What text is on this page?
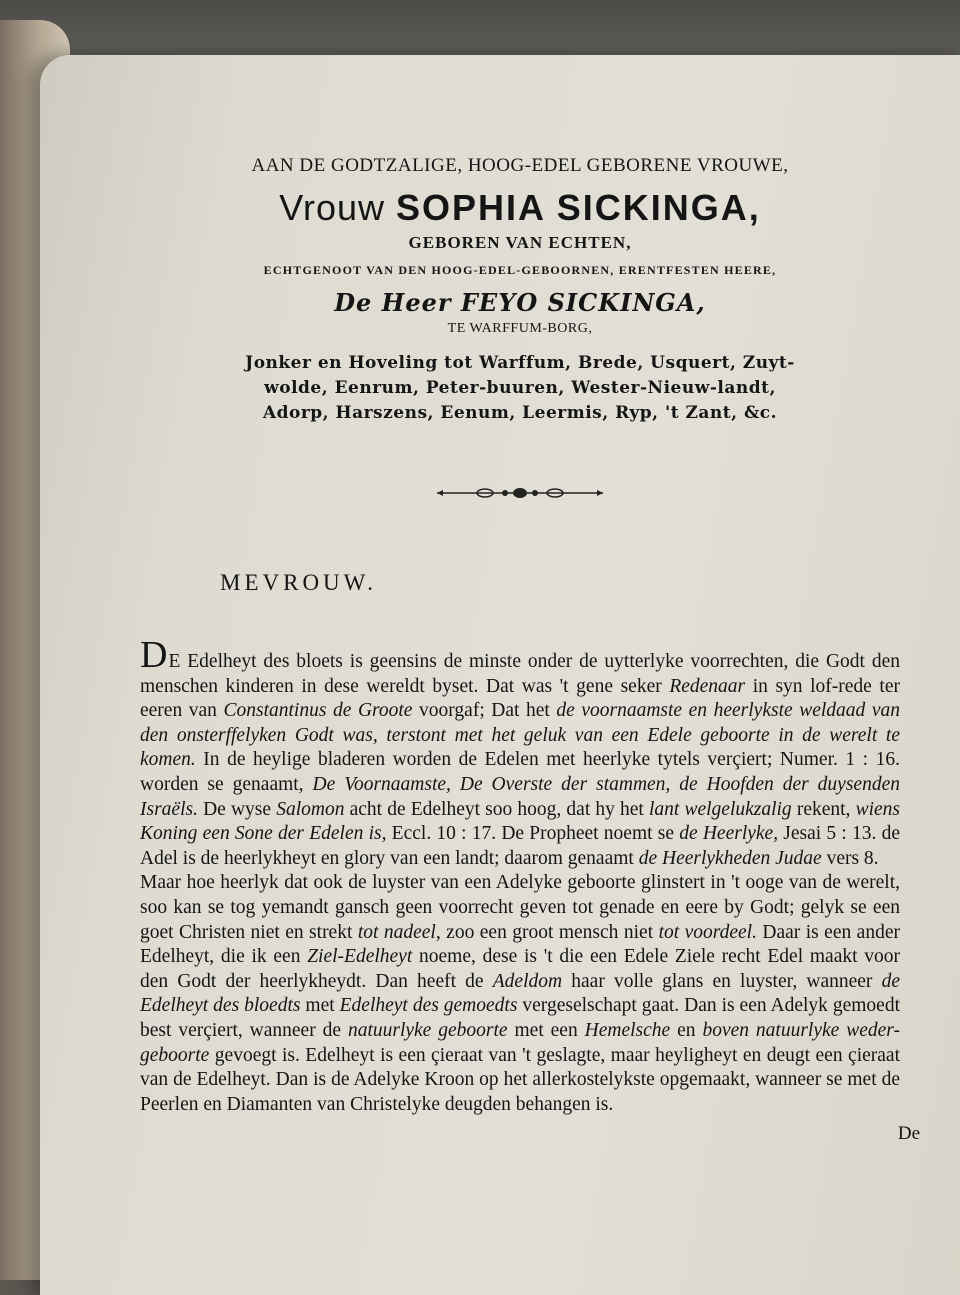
AAN DE GODTZALIGE, HOOG-EDEL GEBORENE VROUWE,

Vrouw SOPHIA SICKINGA,
GEBOREN VAN ECHTEN,
ECHTGENOOT VAN DEN HOOG-EDEL-GEBOORNEN, ERENTFESTEN HEERE,
De Heer FEYO SICKINGA,
TE WARFFUM-BORG,
Jonker en Hoveling tot Warffum, Brede, Usquert, Zuyt-
wolde, Eenrum, Peter-buuren, Wester-Nieuw-landt,
Adorp, Harszens, Eenum, Leermis, Ryp, 't Zant, &c.
MEVROUW.

DE Edelheyt des bloets is geensins de minste onder de uytterlyke voorrechten, die Godt den menschen kinderen in dese wereldt byset. Dat was 't gene seker Redenaar in syn lof-rede ter eeren van Constantinus de Groote voorgaf; Dat het de voornaamste en heerlykste weldaad van den onsterffelyken Godt was, terstont met het geluk van een Edele geboorte in de werelt te komen. In de heylige bladeren worden de Edelen met heerlyke tytels verçiert; Numer. 1 : 16. worden se genaamt, De Voornaamste, De Overste der stammen, de Hoofden der duysenden Israëls. De wyse Salomon acht de Edelheyt soo hoog, dat hy het lant welgelukzalig rekent, wiens Koning een Sone der Edelen is, Eccl. 10 : 17. De Propheet noemt se de Heerlyke, Jesai 5 : 13. de Adel is de heerlykheyt en glory van een landt; daarom genaamt de Heerlykheden Judae vers 8.

Maar hoe heerlyk dat ook de luyster van een Adelyke geboorte glinstert in 't ooge van de werelt, soo kan se tog yemandt gansch geen voorrecht geven tot genade en eere by Godt; gelyk se een goet Christen niet en strekt tot nadeel, zoo een groot mensch niet tot voordeel. Daar is een ander Edelheyt, die ik een Ziel-Edelheyt noeme, dese is 't die een Edele Ziele recht Edel maakt voor den Godt der heerlykheydt. Dan heeft de Adeldom haar volle glans en luyster, wanneer de Edelheyt des bloedts met Edelheyt des gemoedts vergeselschapt gaat. Dan is een Adelyk gemoedt best verçiert, wanneer de natuurlyke geboorte met een Hemelsche en boven natuurlyke weder-geboorte gevoegt is. Edelheyt is een çieraat van 't geslagte, maar heyligheyt en deugt een çieraat van de Edelheyt. Dan is de Adelyke Kroon op het allerkostelykste opgemaakt, wanneer se met de Peerlen en Diamanten van Christelyke deugden behangen is.

De
